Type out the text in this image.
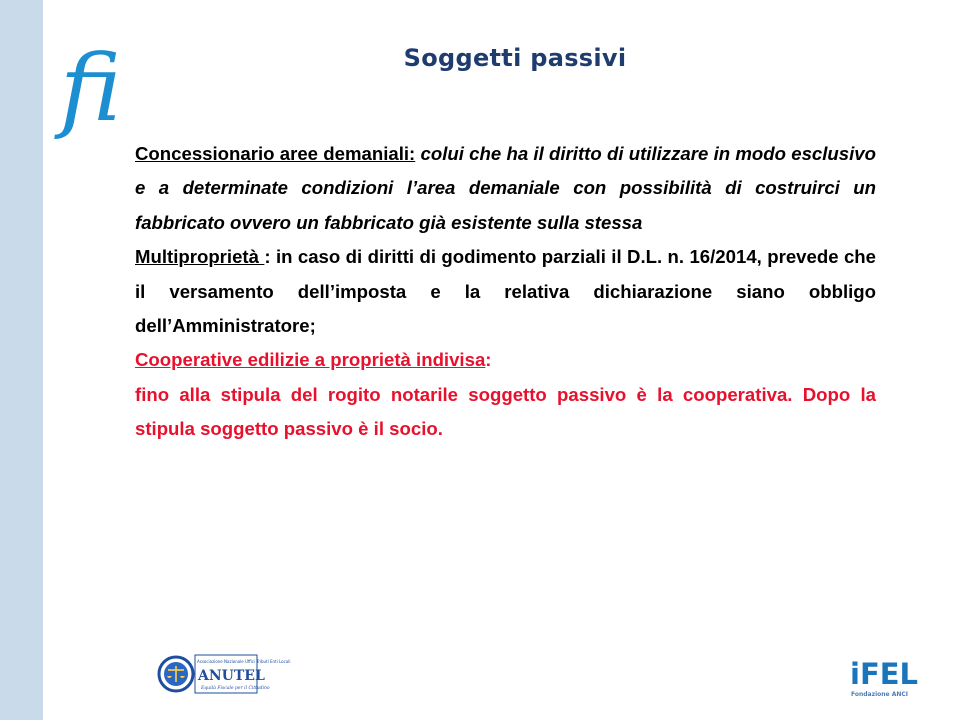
fi	Soggetti passivi

Concessionario aree demaniali: colui che ha il diritto di utilizzare in modo esclusivo e a determinate condizioni l’area demaniale con possibilità di costruirci un fabbricato ovvero un fabbricato già esistente sulla stessa

Multiproprietà : in caso di diritti di godimento parziali il D.L. n. 16/2014, prevede che il versamento dell’imposta e la relativa dichiarazione siano obbligo dell’Amministratore;

Cooperative edilizie a proprietà indivisa:

fino alla stipula del rogito notarile soggetto passivo è la cooperativa. Dopo la stipula soggetto passivo è il socio.

Associazione Nazionale Uffici Tributi Enti Locali
ANUTEL
Equità Fiscale per il Cittadino	iFEL
Fondazione ANCI
